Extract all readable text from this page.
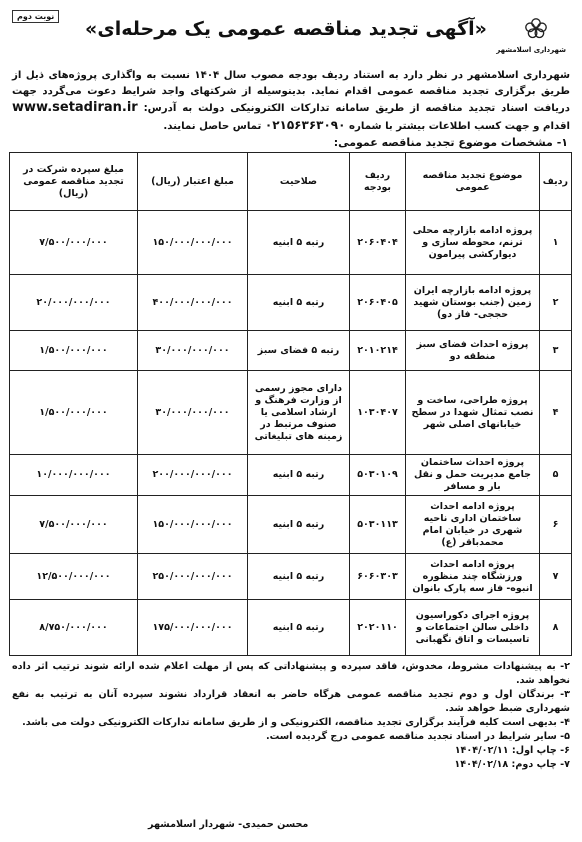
شهرداری اسلامشهر
«آگهی تجدید مناقصه عمومی یک مرحله‌ای»
نوبت دوم
شهرداری اسلامشهر در نظر دارد به استناد ردیف بودجه مصوب سال ۱۴۰۴ نسبت به واگذاری پروژه‌های ذیل از طریق برگزاری تجدید مناقصه عمومی اقدام نماید. بدینوسیله از شرکتهای واجد شرایط دعوت می‌گردد جهت دریافت اسناد تجدید مناقصه از طریق سامانه تدارکات الکترونیکی دولت به آدرس: www.setadiran.ir اقدام و جهت کسب اطلاعات بیشتر با شماره ۰۲۱۵۶۳۶۳۰۹۰ تماس حاصل نمایند.
۱- مشخصات موضوع تجدید مناقصه عمومی:
ردیف	موضوع تجدید مناقصه عمومی	ردیف بودجه	صلاحیت	مبلغ اعتبار (ریال)	مبلغ سپرده شرکت در تجدید مناقصه عمومی (ریال)
۱	پروژه ادامه بازارچه محلی ترنم، محوطه سازی و دیوارکشی پیرامون	۲۰۶۰۴۰۴	رتبه ۵ ابنیه	۱۵۰/۰۰۰/۰۰۰/۰۰۰	۷/۵۰۰/۰۰۰/۰۰۰
۲	پروژه ادامه بازارچه ایران زمین (جنب بوستان شهید حججی- فاز دو)	۲۰۶۰۴۰۵	رتبه ۵ ابنیه	۴۰۰/۰۰۰/۰۰۰/۰۰۰	۲۰/۰۰۰/۰۰۰/۰۰۰
۳	پروژه احداث فضای سبز منطقه دو	۲۰۱۰۲۱۴	رتبه ۵ فضای سبز	۳۰/۰۰۰/۰۰۰/۰۰۰	۱/۵۰۰/۰۰۰/۰۰۰
۴	پروژه طراحی، ساخت و نصب تمثال شهدا در سطح خیابانهای اصلی شهر	۱۰۳۰۴۰۷	دارای مجوز رسمی از وزارت فرهنگ و ارشاد اسلامی یا صنوف مرتبط در زمینه های تبلیغاتی	۳۰/۰۰۰/۰۰۰/۰۰۰	۱/۵۰۰/۰۰۰/۰۰۰
۵	پروژه احداث ساختمان جامع مدیریت حمل و نقل بار و مسافر	۵۰۳۰۱۰۹	رتبه ۵ ابنیه	۲۰۰/۰۰۰/۰۰۰/۰۰۰	۱۰/۰۰۰/۰۰۰/۰۰۰
۶	پروژه ادامه احداث ساختمان اداری ناحیه شهری در خیابان امام محمدباقر (ع)	۵۰۳۰۱۱۳	رتبه ۵ ابنیه	۱۵۰/۰۰۰/۰۰۰/۰۰۰	۷/۵۰۰/۰۰۰/۰۰۰
۷	پروژه ادامه احداث ورزشگاه چند منظوره انبوه- فاز سه پارک بانوان	۶۰۶۰۳۰۳	رتبه ۵ ابنیه	۲۵۰/۰۰۰/۰۰۰/۰۰۰	۱۲/۵۰۰/۰۰۰/۰۰۰
۸	پروژه اجرای دکوراسیون داخلی سالن اجتماعات و تاسیسات و اتاق نگهبانی	۲۰۲۰۱۱۰	رتبه ۵ ابنیه	۱۷۵/۰۰۰/۰۰۰/۰۰۰	۸/۷۵۰/۰۰۰/۰۰۰

۲- به پیشنهادات مشروط، مخدوش، فاقد سپرده و پیشنهاداتی که پس از مهلت اعلام شده ارائه شوند ترتیب اثر داده نخواهد شد.

۳- برندگان اول و دوم تجدید مناقصه عمومی هرگاه حاضر به انعقاد قرارداد نشوند سپرده آنان به ترتیب به نفع شهرداری ضبط خواهد شد.

۴- بدیهی است کلیه فرآیند برگزاری تجدید مناقصه، الکترونیکی و از طریق سامانه تدارکات الکترونیکی دولت می باشد.

۵- سایر شرایط در اسناد تجدید مناقصه عمومی درج گردیده است.

۶- چاپ اول: ۱۴۰۴/۰۲/۱۱

۷- چاپ دوم: ۱۴۰۴/۰۲/۱۸

محسن حمیدی- شهردار اسلامشهر
